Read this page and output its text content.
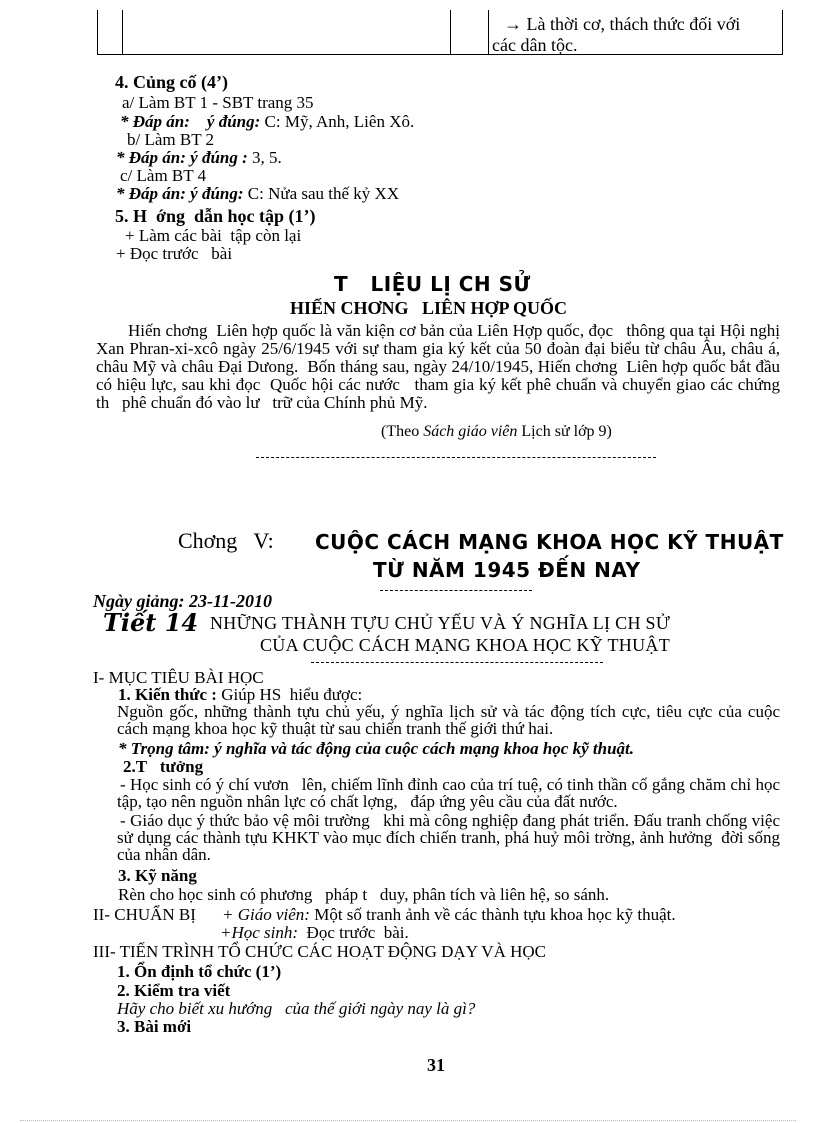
→ Là thời cơ, thách thức đối với
các dân tộc.
4. Củng cố (4’)
a/ Làm BT 1 - SBT trang 35
* Đáp án: ý đúng: C: Mỹ, Anh, Liên Xô.
b/ Làm BT 2
* Đáp án: ý đúng : 3, 5.
c/ Làm BT 4
* Đáp án: ý đúng: C: Nửa sau thế kỷ XX
5. H  ớng  dẫn học tập (1’)
+ Làm các bài  tập còn lại
+ Đọc trước   bài
T   LIỆU LỊ CH SỬ
HIẾN CHƠNG   LIÊN HỢP QUỐC
Hiến chơng  Liên hợp quốc là văn kiện cơ bản của Liên Hợp quốc, đọc   thông qua tại Hội nghị Xan Phran-xi-xcô ngày 25/6/1945 với sự tham gia ký kết của 50 đoàn đại biểu từ châu Âu, châu á, châu Mỹ và châu Đại Dưong.  Bốn tháng sau, ngày 24/10/1945, Hiến chơng  Liên hợp quốc bắt đầu có hiệu lực, sau khi đọc  Quốc hội các nước   tham gia ký kết phê chuẩn và chuyển giao các chứng th   phê chuẩn đó vào lư   trữ của Chính phủ Mỹ.
(Theo Sách giáo viên Lịch sử lớp 9)
Chơng   V: CUỘC CÁCH MẠNG KHOA HỌC KỸ THUẬT
TỪ NĂM 1945 ĐẾN NAY
Ngày giảng: 23-11-2010
Tiết 14 NHỮNG THÀNH TỰU CHỦ YẾU VÀ Ý NGHĨA LỊ CH SỬ
CỦA CUỘC CÁCH MẠNG KHOA HỌC KỸ THUẬT
I- MỤC TIÊU BÀI HỌC
1. Kiến thức : Giúp HS  hiểu được:
Nguồn gốc, những thành tựu chủ yếu, ý nghĩa lịch sử và tác động tích cực, tiêu cực của cuộc cách mạng khoa học kỹ thuật từ sau chiến tranh thế giới thứ hai.
* Trọng tâm: ý nghĩa và tác động của cuộc cách mạng khoa học kỹ thuật.
2.T   tưởng
- Học sinh có ý chí vươn   lên, chiếm lĩnh đỉnh cao của trí tuệ, có tinh thần cố gắng chăm chỉ học tập, tạo nên nguồn nhân lực có chất lợng,   đáp ứng yêu cầu của đất nước.
- Giáo dục ý thức bảo vệ môi trường   khi mà công nghiệp đang phát triển. Đấu tranh chống việc sử dụng các thành tựu KHKT vào mục đích chiến tranh, phá huỷ môi trờng, ảnh hưởng  đời sống của nhân dân.
3. Kỹ năng
Rèn cho học sinh có phương   pháp t   duy, phân tích và liên hệ, so sánh.
II- CHUẨN BỊ + Giáo viên: Một số tranh ảnh về các thành tựu khoa học kỹ thuật.
+Học sinh: Đọc trước  bài.
III- TIẾN TRÌNH TỔ CHỨC CÁC HOẠT ĐỘNG DẠY VÀ HỌC
1. Ổn định tổ chức (1’)
2. Kiểm tra viết
Hãy cho biết xu hướng   của thế giới ngày nay là gì?
3. Bài mới
31
